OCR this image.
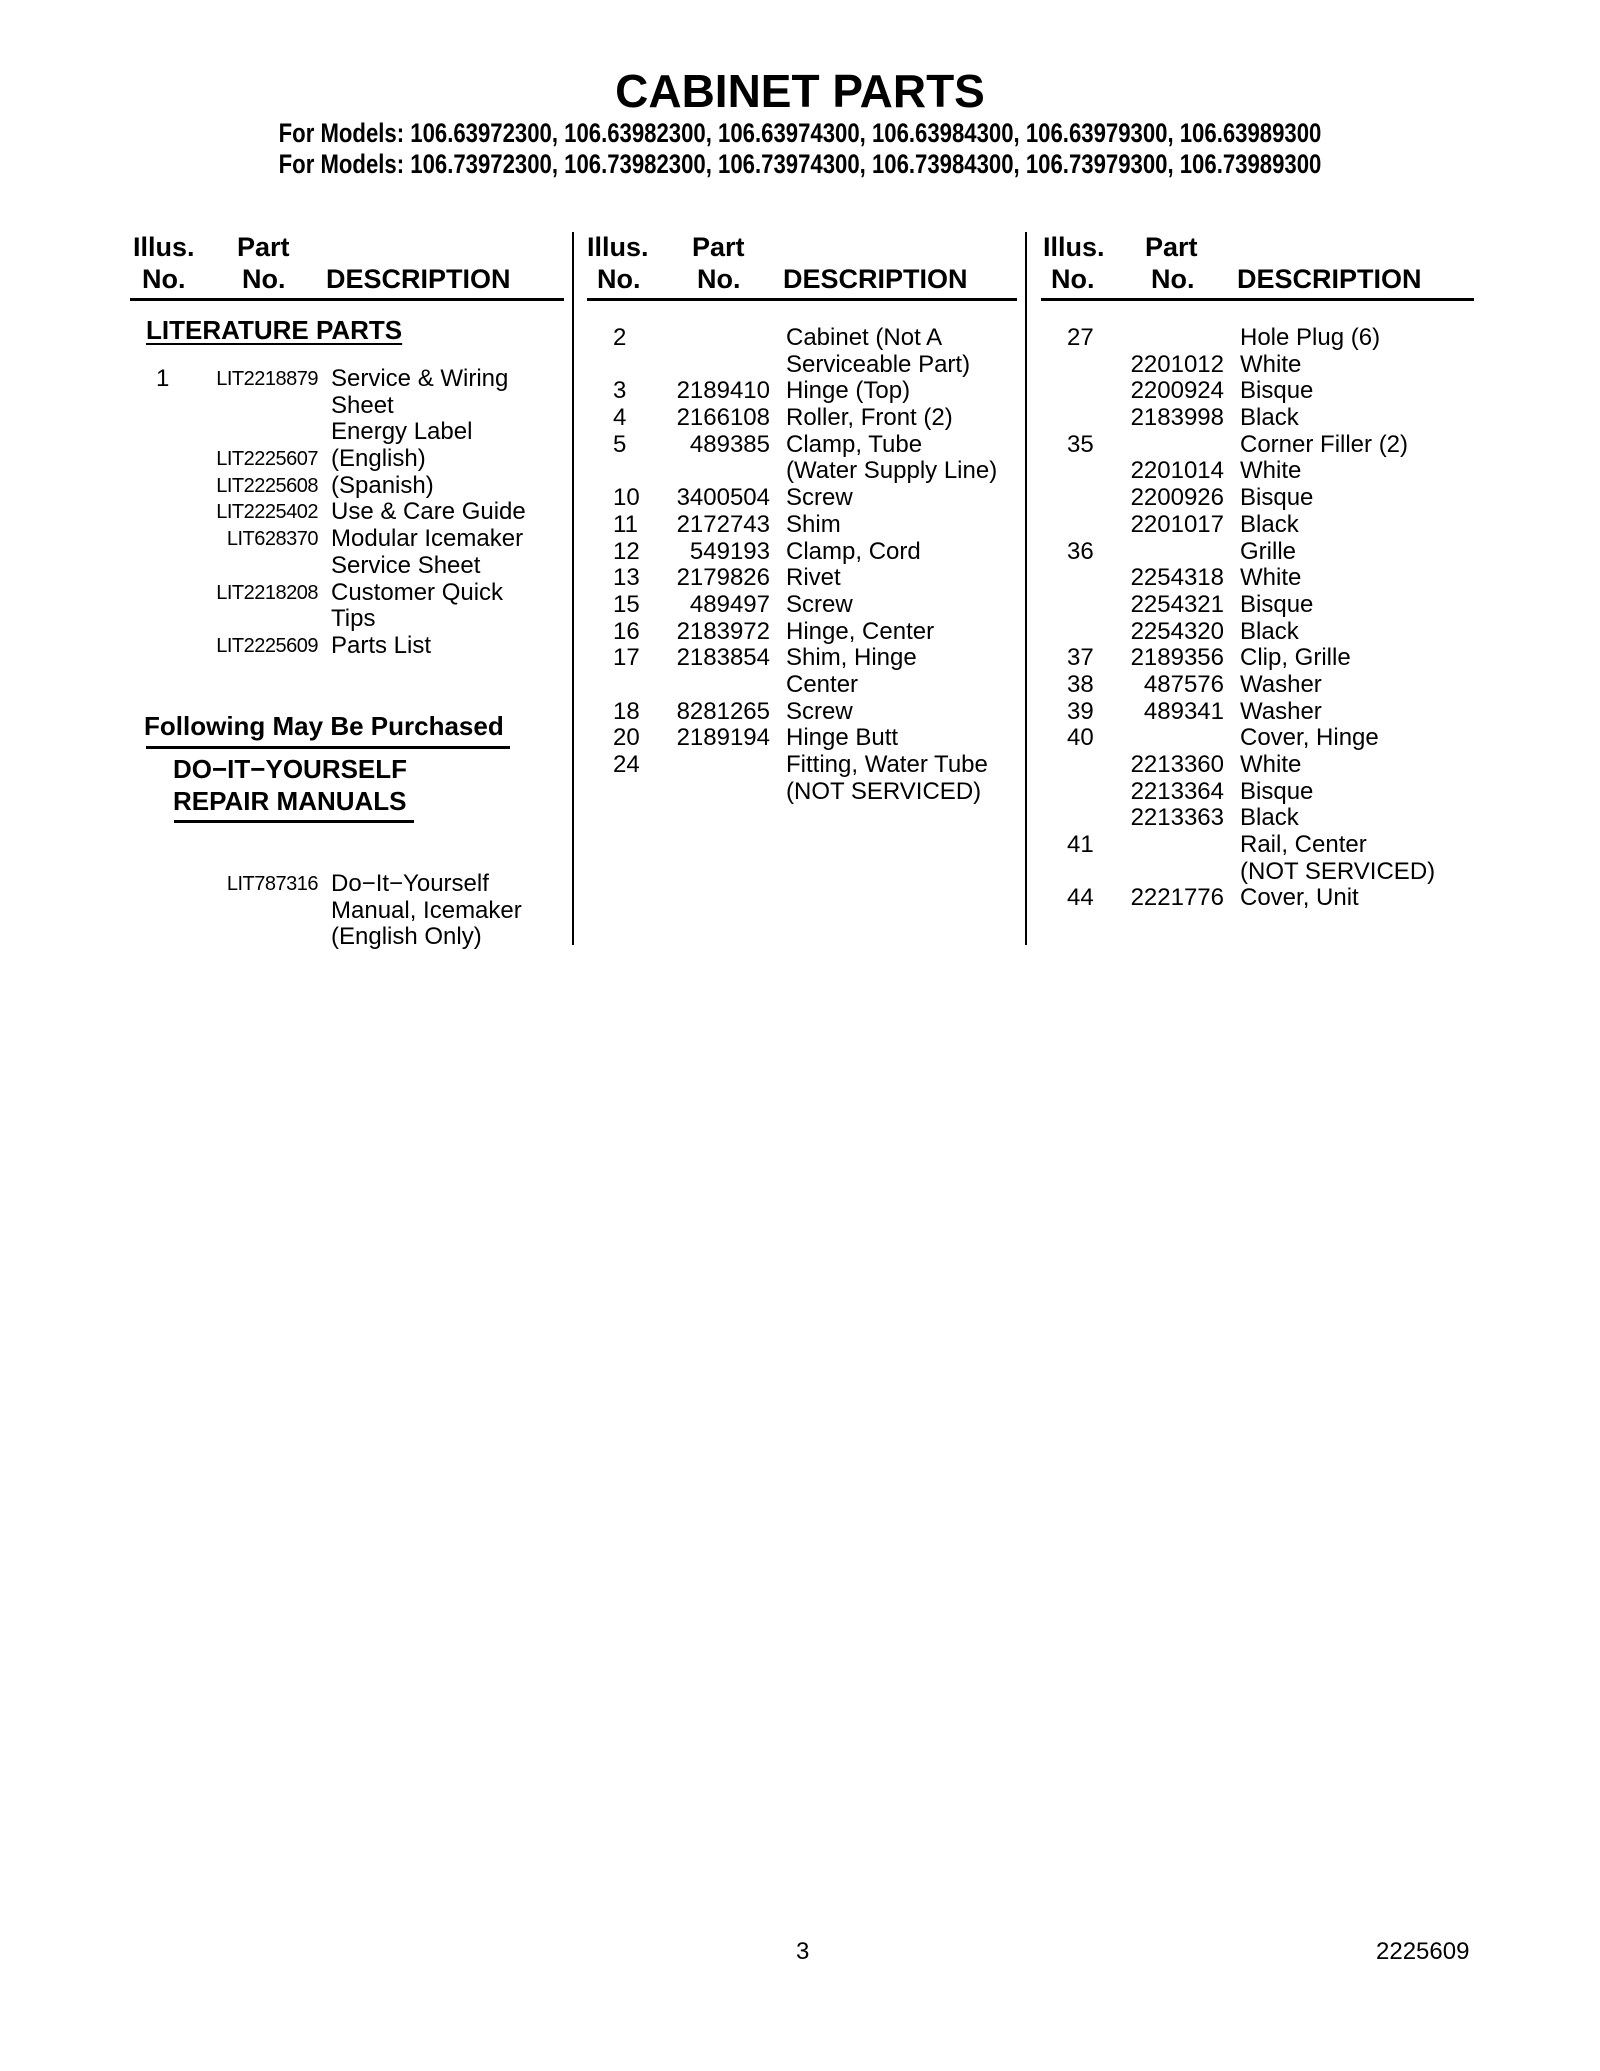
CABINET PARTS
For Models: 106.63972300, 106.63982300, 106.63974300, 106.63984300, 106.63979300, 106.63989300
For Models: 106.73972300, 106.73982300, 106.73974300, 106.73984300, 106.73979300, 106.73989300
Illus.
No.
Part
No. DESCRIPTION
LITERATURE PARTS
1	LIT2218879 Service & Wiring
Sheet
Energy Label
LIT2225607 (English)
LIT2225608 (Spanish)
LIT2225402 Use & Care Guide
LIT628370 Modular Icemaker
Service Sheet
LIT2218208 Customer Quick
Tips
LIT2225609 Parts List
Following May Be Purchased
DO−IT−YOURSELF
REPAIR MANUALS
LIT787316 Do−It−Yourself
Manual, Icemaker
(English Only)
Illus.
No.
Part
No. DESCRIPTION
2	Cabinet (Not A
Serviceable Part)
3	2189410 Hinge (Top)
4	2166108 Roller, Front (2)
5	489385 Clamp, Tube
(Water Supply Line)
10	3400504 Screw
11	2172743 Shim
12	549193 Clamp, Cord
13	2179826 Rivet
15	489497 Screw
16	2183972 Hinge, Center
17	2183854 Shim, Hinge
Center
18	8281265 Screw
20	2189194 Hinge Butt
24	Fitting, Water Tube
(NOT SERVICED)
Illus.
No.
Part
No. DESCRIPTION
27	Hole Plug (6)
2201012 White
2200924 Bisque
2183998 Black
35	Corner Filler (2)
2201014 White
2200926 Bisque
2201017 Black
36	Grille
2254318 White
2254321 Bisque
2254320 Black
37	2189356 Clip, Grille
38	487576 Washer
39	489341 Washer
40	Cover, Hinge
2213360 White
2213364 Bisque
2213363 Black
41	Rail, Center
(NOT SERVICED)
44	2221776 Cover, Unit
3	2225609
